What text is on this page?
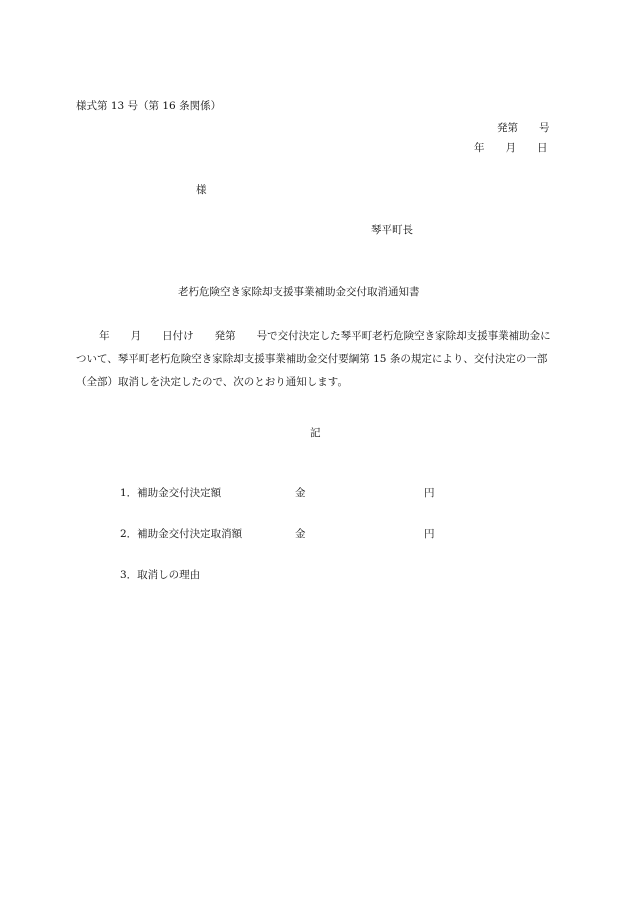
様式第 13 号（第 16 条関係）
発第　　号
年　　月　　日
様
琴平町長
老朽危険空き家除却支援事業補助金交付取消通知書
年　　月　　日付け　　発第　　号で交付決定した琴平町老朽危険空き家除却支援事業補助金について、琴平町老朽危険空き家除却支援事業補助金交付要綱第 15 条の規定により、交付決定の一部（全部）取消しを決定したので、次のとおり通知します。
記
1．補助金交付決定額	金	円
2．補助金交付決定取消額	金	円
3．取消しの理由
